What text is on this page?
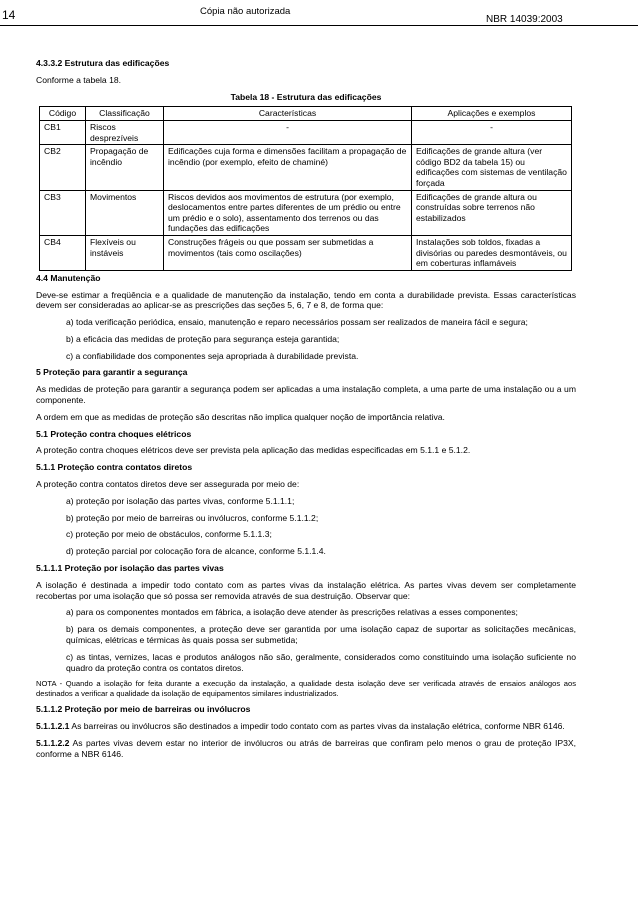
14	Cópia não autorizada
NBR 14039:2003

4.3.3.2 Estrutura das edificações

Conforme a tabela 18.

Tabela 18 - Estrutura das edificações
Código	Classificação	Características	Aplicações e exemplos
CB1	Riscos desprezíveis	-	-
CB2	Propagação de incêndio	Edificações cuja forma e dimensões facilitam a propagação de incêndio (por exemplo, efeito de chaminé)	Edificações de grande altura (ver código BD2 da tabela 15) ou edificações com sistemas de ventilação forçada
CB3	Movimentos	Riscos devidos aos movimentos de estrutura (por exemplo, deslocamentos entre partes diferentes de um prédio ou entre um prédio e o solo), assentamento dos terrenos ou das fundações das edificações	Edificações de grande altura ou construídas sobre terrenos não estabilizados
CB4	Flexíveis ou instáveis	Construções frágeis ou que possam ser submetidas a movimentos (tais como oscilações)	Instalações sob toldos, fixadas a divisórias ou paredes desmontáveis, ou em coberturas inflamáveis

4.4 Manutenção

Deve-se estimar a freqüência e a qualidade de manutenção da instalação, tendo em conta a durabilidade prevista. Essas características devem ser consideradas ao aplicar-se as prescrições das seções 5, 6, 7 e 8, de forma que:

a) toda verificação periódica, ensaio, manutenção e reparo necessários possam ser realizados de maneira fácil e segura;

b) a eficácia das medidas de proteção para segurança esteja garantida;

c) a confiabilidade dos componentes seja apropriada à durabilidade prevista.

5 Proteção para garantir a segurança

As medidas de proteção para garantir a segurança podem ser aplicadas a uma instalação completa, a uma parte de uma instalação ou a um componente.

A ordem em que as medidas de proteção são descritas não implica qualquer noção de importância relativa.

5.1 Proteção contra choques elétricos

A proteção contra choques elétricos deve ser prevista pela aplicação das medidas especificadas em 5.1.1 e 5.1.2.

5.1.1 Proteção contra contatos diretos

A proteção contra contatos diretos deve ser assegurada por meio de:

a) proteção por isolação das partes vivas, conforme 5.1.1.1;

b) proteção por meio de barreiras ou invólucros, conforme 5.1.1.2;

c) proteção por meio de obstáculos, conforme 5.1.1.3;

d) proteção parcial por colocação fora de alcance, conforme 5.1.1.4.

5.1.1.1 Proteção por isolação das partes vivas

A isolação é destinada a impedir todo contato com as partes vivas da instalação elétrica. As partes vivas devem ser completamente recobertas por uma isolação que só possa ser removida através de sua destruição. Observar que:

a) para os componentes montados em fábrica, a isolação deve atender às prescrições relativas a esses componentes;

b) para os demais componentes, a proteção deve ser garantida por uma isolação capaz de suportar as solicitações mecânicas, químicas, elétricas e térmicas às quais possa ser submetida;

c) as tintas, vernizes, lacas e produtos análogos não são, geralmente, considerados como constituindo uma isolação suficiente no quadro da proteção contra os contatos diretos.

NOTA - Quando a isolação for feita durante a execução da instalação, a qualidade desta isolação deve ser verificada através de ensaios análogos aos destinados a verificar a qualidade da isolação de equipamentos similares industrializados.

5.1.1.2 Proteção por meio de barreiras ou invólucros

5.1.1.2.1 As barreiras ou invólucros são destinados a impedir todo contato com as partes vivas da instalação elétrica, conforme NBR 6146.

5.1.1.2.2 As partes vivas devem estar no interior de invólucros ou atrás de barreiras que confiram pelo menos o grau de proteção IP3X, conforme a NBR 6146.
